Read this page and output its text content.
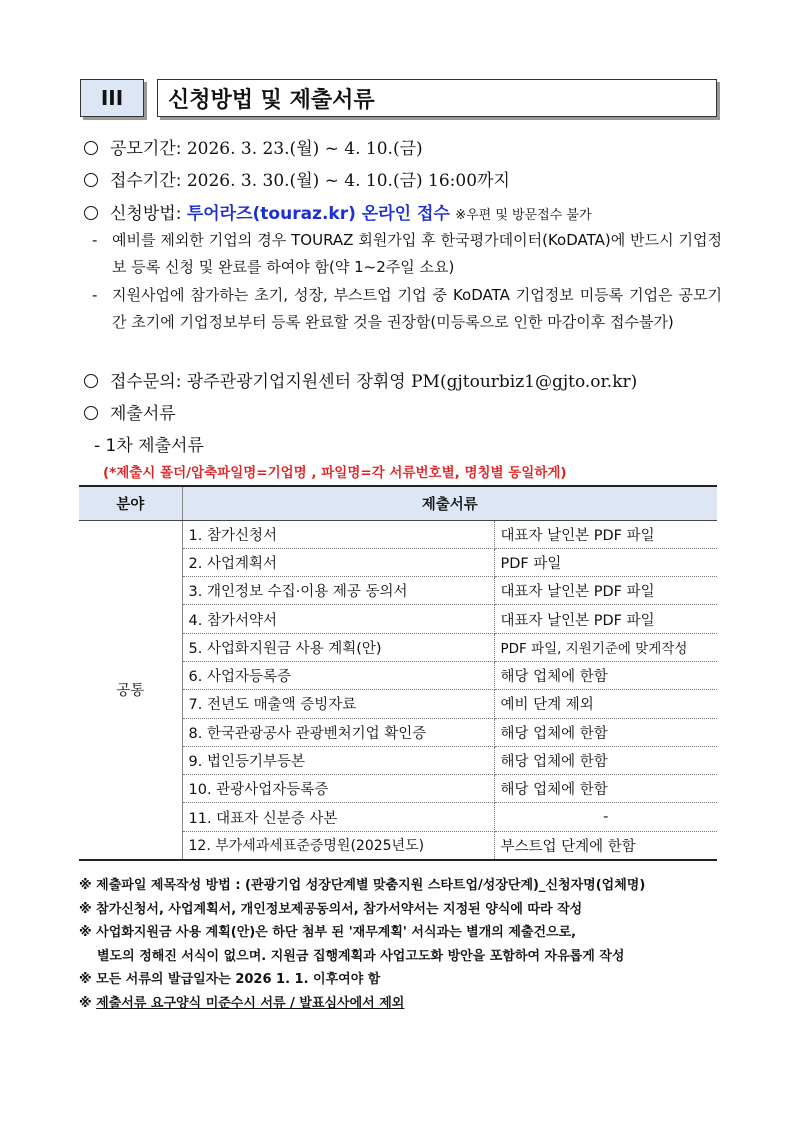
III	신청방법 및 제출서류
공모기간: 2026. 3. 23.(월) ~ 4. 10.(금)
접수기간: 2026. 3. 30.(월) ~ 4. 10.(금) 16:00까지
신청방법: 투어라즈(touraz.kr) 온라인 접수 ※우편 및 방문접수 불가
- 예비를 제외한 기업의 경우 TOURAZ 회원가입 후 한국평가데이터(KoDATA)에 반드시 기업정보 등록 신청 및 완료를 하여야 함(약 1~2주일 소요)
- 지원사업에 참가하는 초기, 성장, 부스트업 기업 중 KoDATA 기업정보 미등록 기업은 공모기간 초기에 기업정보부터 등록 완료할 것을 권장함(미등록으로 인한 마감이후 접수불가)
접수문의: 광주관광기업지원센터 장휘영 PM(gjtourbiz1@gjto.or.kr)
제출서류
- 1차 제출서류
(*제출시 폴더/압축파일명=기업명 , 파일명=각 서류번호별, 명칭별 동일하게)
분야	제출서류	
공통	1. 참가신청서	대표자 날인본 PDF 파일
	2. 사업계획서	PDF 파일
	3. 개인정보 수집·이용 제공 동의서	대표자 날인본 PDF 파일
	4. 참가서약서	대표자 날인본 PDF 파일
	5. 사업화지원금 사용 계획(안)	PDF 파일, 지원기준에 맞게작성
	6. 사업자등록증	해당 업체에 한함
	7. 전년도 매출액 증빙자료	예비 단계 제외
	8. 한국관광공사 관광벤처기업 확인증	해당 업체에 한함
	9. 법인등기부등본	해당 업체에 한함
	10. 관광사업자등록증	해당 업체에 한함
	11. 대표자 신분증 사본	-
	12. 부가세과세표준증명원(2025년도)	부스트업 단계에 한함
※ 제출파일 제목작성 방법 : (관광기업 성장단계별 맞춤지원 스타트업/성장단계)_신청자명(업체명)
※ 참가신청서, 사업계획서, 개인정보제공동의서, 참가서약서는 지정된 양식에 따라 작성
※ 사업화지원금 사용 계획(안)은 하단 첨부 된 '재무계획' 서식과는 별개의 제출건으로,
별도의 정해진 서식이 없으며. 지원금 집행계획과 사업고도화 방안을 포함하여 자유롭게 작성
※ 모든 서류의 발급일자는 2026 1. 1. 이후여야 함
※ 제출서류 요구양식 미준수시 서류 / 발표심사에서 제외
